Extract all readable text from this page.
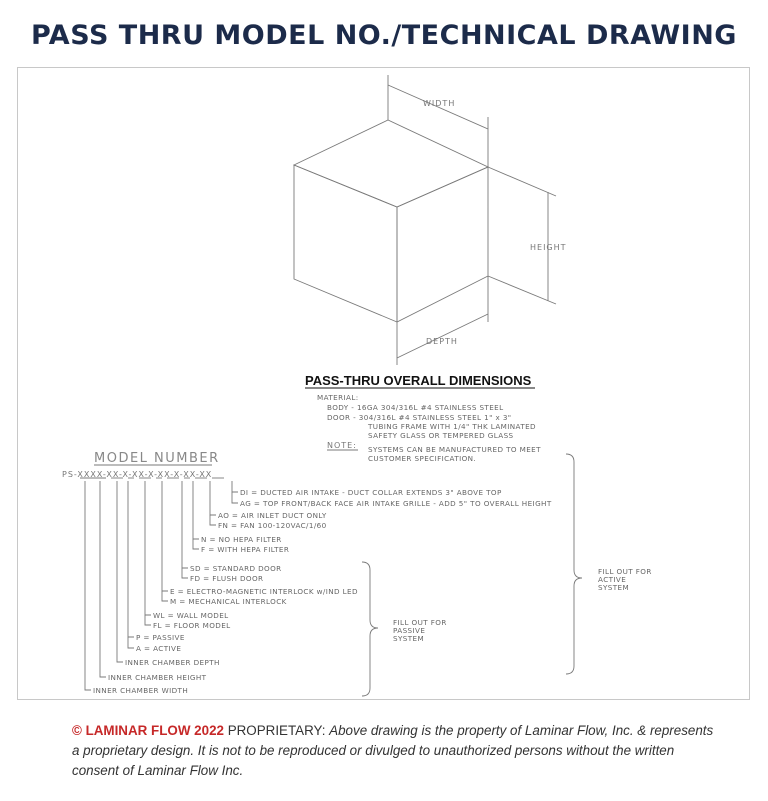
PASS THRU MODEL NO./TECHNICAL DRAWING
WIDTH
HEIGHT
DEPTH
PASS-THRU OVERALL DIMENSIONS
MATERIAL:
BODY - 16GA 304/316L #4 STAINLESS STEEL
DOOR - 304/316L #4 STAINLESS STEEL 1" x 3"
TUBING FRAME WITH 1/4" THK LAMINATED
SAFETY GLASS OR TEMPERED GLASS
NOTE: SYSTEMS CAN BE MANUFACTURED TO MEET
CUSTOMER SPECIFICATION.
MODEL NUMBER
PS-XXXX-XX-X-XX-X-XX-X-XX-XX
DI = DUCTED AIR INTAKE - DUCT COLLAR EXTENDS 3" ABOVE TOP
AG = TOP FRONT/BACK FACE AIR INTAKE GRILLE - ADD 5" TO OVERALL HEIGHT
AO = AIR INLET DUCT ONLY
FN = FAN 100-120VAC/1/60
N = NO HEPA FILTER
F = WITH HEPA FILTER
SD = STANDARD DOOR
FD = FLUSH DOOR
E = ELECTRO-MAGNETIC INTERLOCK w/IND LED
M = MECHANICAL INTERLOCK
WL = WALL MODEL
FL = FLOOR MODEL
P = PASSIVE
A = ACTIVE
INNER CHAMBER DEPTH
INNER CHAMBER HEIGHT
INNER CHAMBER WIDTH
FILL OUT FOR
ACTIVE
SYSTEM
FILL OUT FOR
PASSIVE
SYSTEM
© LAMINAR FLOW 2022 PROPRIETARY: Above drawing is the property of Laminar Flow, Inc. & represents a proprietary design. It is not to be reproduced or divulged to unauthorized persons without the written consent of Laminar Flow Inc.
